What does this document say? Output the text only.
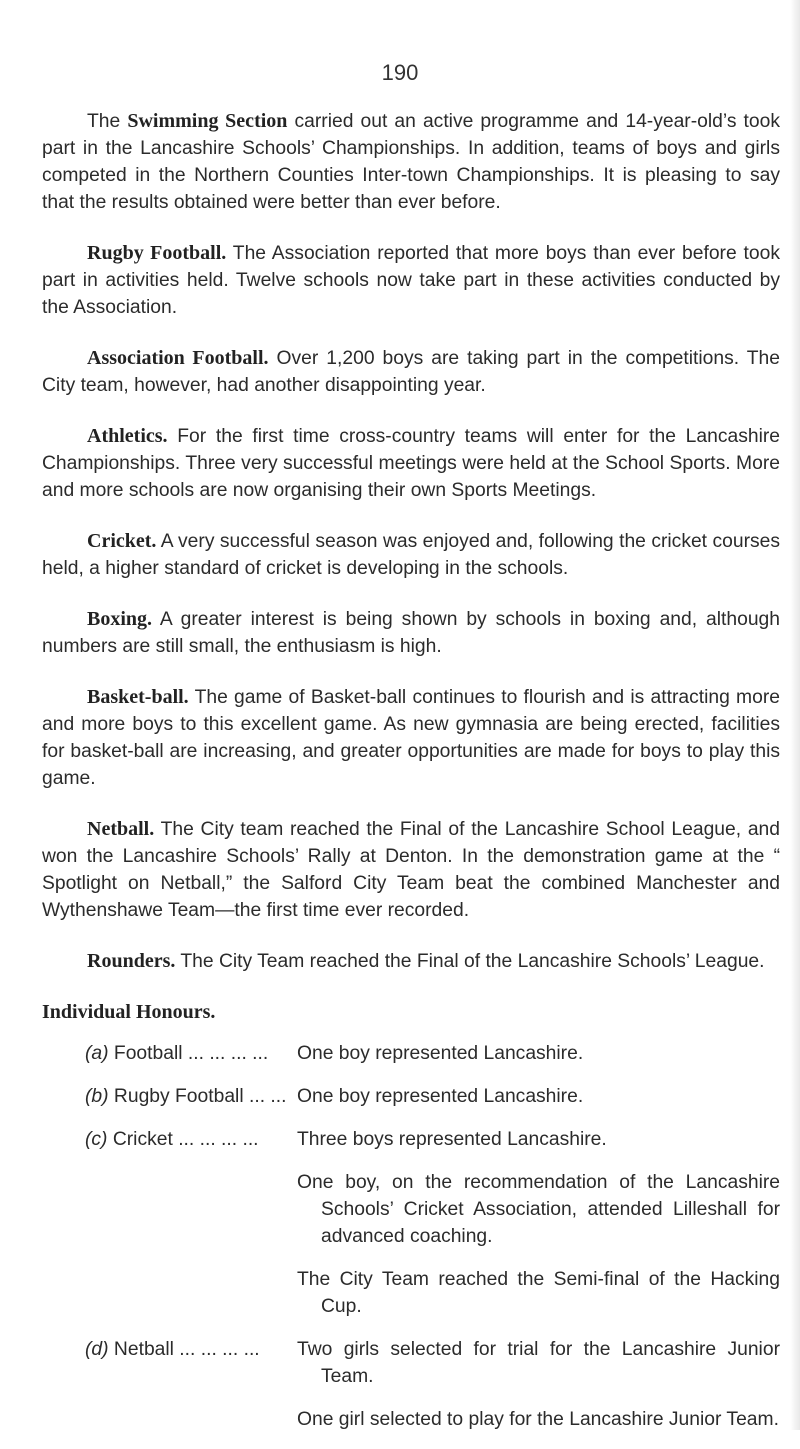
190

The Swimming Section carried out an active programme and 14-year-old’s took part in the Lancashire Schools’ Championships. In addition, teams of boys and girls competed in the Northern Counties Inter-town Championships. It is pleasing to say that the results obtained were better than ever before.

Rugby Football. The Association reported that more boys than ever before took part in activities held. Twelve schools now take part in these activities conducted by the Association.

Association Football. Over 1,200 boys are taking part in the competitions. The City team, however, had another disappointing year.

Athletics. For the first time cross-country teams will enter for the Lancashire Championships. Three very successful meetings were held at the School Sports. More and more schools are now organising their own Sports Meetings.

Cricket. A very successful season was enjoyed and, following the cricket courses held, a higher standard of cricket is developing in the schools.

Boxing. A greater interest is being shown by schools in boxing and, although numbers are still small, the enthusiasm is high.

Basket-ball. The game of Basket-ball continues to flourish and is attracting more and more boys to this excellent game. As new gymnasia are being erected, facilities for basket-ball are increasing, and greater opportunities are made for boys to play this game.

Netball. The City team reached the Final of the Lancashire School League, and won the Lancashire Schools’ Rally at Denton. In the demonstration game at the “ Spotlight on Netball,” the Salford City Team beat the combined Manchester and Wythenshawe Team—the first time ever recorded.

Rounders. The City Team reached the Final of the Lancashire Schools’ League.

Individual Honours.
(a) Football ... ... ... ...	One boy represented Lancashire.

(b) Rugby Football ... ... One boy represented Lancashire.

(c) Cricket ... ... ... ...	Three boys represented Lancashire.

One boy, on the recommendation of the Lancashire Schools’ Cricket Association, attended Lilleshall for advanced coaching.

The City Team reached the Semi-final of the Hacking Cup.

(d) Netball ... ... ... ...	Two girls selected for trial for the Lancashire Junior Team.

One girl selected to play for the Lancashire Junior Team.
